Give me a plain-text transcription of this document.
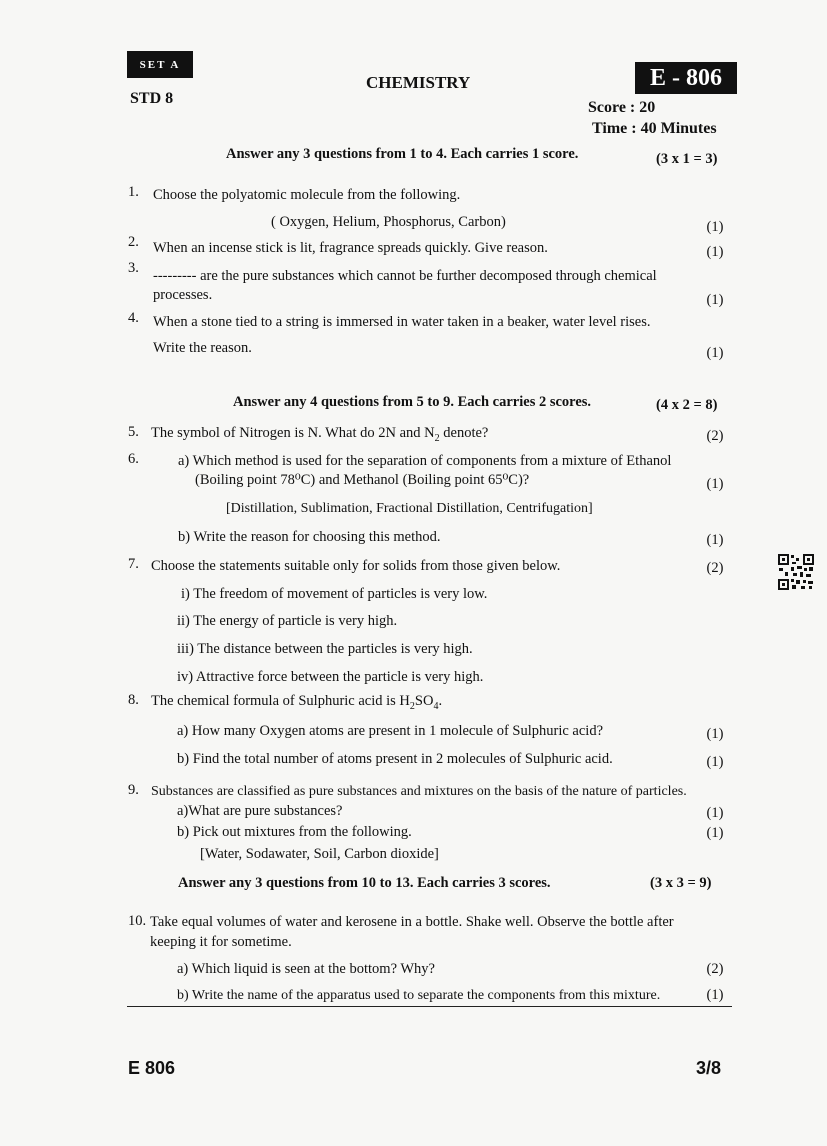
SET A	E - 806
CHEMISTRY
STD 8
Score : 20
Time : 40 Minutes
Answer any 3 questions from 1 to 4. Each carries 1 score.	(3 x 1 = 3)
1. Choose the polyatomic molecule from the following.
( Oxygen, Helium, Phosphorus, Carbon)	(1)
2. When an incense stick is lit, fragrance spreads quickly. Give reason.	(1)
3. --------- are the pure substances which cannot be further decomposed through chemical
processes.	(1)
4. When a stone tied to a string is immersed in water taken in a beaker, water level rises.
Write the reason.	(1)
Answer any 4 questions from 5 to 9. Each carries 2 scores.	(4 x 2 = 8)
5. The symbol of Nitrogen is N. What do 2N and $N_2$ denote?	(2)
6.	a) Which method is used for the separation of components from a mixture of Ethanol
(Boiling point 78⁰C) and Methanol (Boiling point 65⁰C)?	(1)
[Distillation, Sublimation, Fractional Distillation, Centrifugation]
b) Write the reason for choosing this method.	(1)
7. Choose the statements suitable only for solids from those given below.	(2)
i) The freedom of movement of particles is very low.
ii) The energy of particle is very high.
iii) The distance between the particles is very high.
iv) Attractive force between the particle is very high.
8. The chemical formula of Sulphuric acid is $H_2SO_4$.
a) How many Oxygen atoms are present in 1 molecule of Sulphuric acid?	(1)
b) Find the total number of atoms present in 2 molecules of Sulphuric acid.	(1)
9. Substances are classified as pure substances and mixtures on the basis of the nature of particles.
a)What are pure substances?	(1)
b) Pick out mixtures from the following.	(1)
[Water, Sodawater, Soil, Carbon dioxide]
Answer any 3 questions from 10 to 13. Each carries 3 scores.	(3 x 3 = 9)
10. Take equal volumes of water and kerosene in a bottle. Shake well. Observe the bottle after
keeping it for sometime.
a) Which liquid is seen at the bottom? Why?	(2)
b) Write the name of the apparatus used to separate the components from this mixture.	(1)
E 806	3/8
